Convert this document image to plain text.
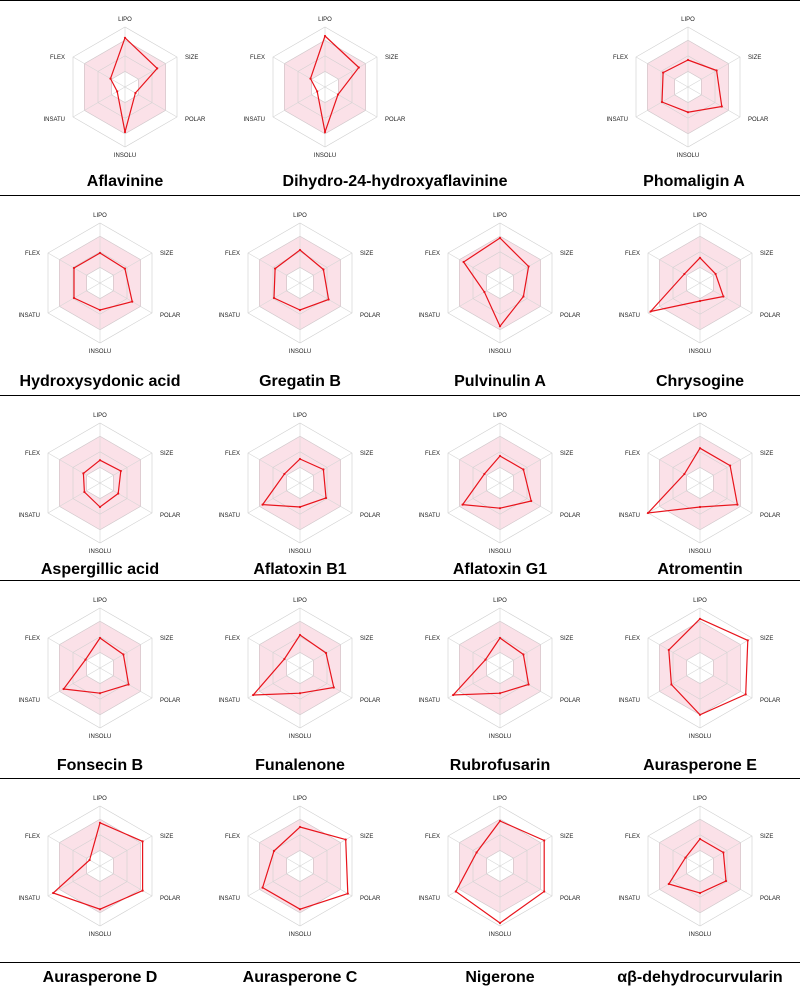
LIPO
SIZE
POLAR
INSOLU
INSATU
FLEX
Aflavinine
LIPO
SIZE
POLAR
INSOLU
INSATU
FLEX
Dihydro-24-hydroxyaflavinine
LIPO
SIZE
POLAR
INSOLU
INSATU
FLEX
Phomaligin A
LIPO
SIZE
POLAR
INSOLU
INSATU
FLEX
Hydroxysydonic acid
LIPO
SIZE
POLAR
INSOLU
INSATU
FLEX
Gregatin B
LIPO
SIZE
POLAR
INSOLU
INSATU
FLEX
Pulvinulin A
LIPO
SIZE
POLAR
INSOLU
INSATU
FLEX
Chrysogine
LIPO
SIZE
POLAR
INSOLU
INSATU
FLEX
Aspergillic acid
LIPO
SIZE
POLAR
INSOLU
INSATU
FLEX
Aflatoxin B1
LIPO
SIZE
POLAR
INSOLU
INSATU
FLEX
Aflatoxin G1
LIPO
SIZE
POLAR
INSOLU
INSATU
FLEX
Atromentin
LIPO
SIZE
POLAR
INSOLU
INSATU
FLEX
Fonsecin B
LIPO
SIZE
POLAR
INSOLU
INSATU
FLEX
Funalenone
LIPO
SIZE
POLAR
INSOLU
INSATU
FLEX
Rubrofusarin
LIPO
SIZE
POLAR
INSOLU
INSATU
FLEX
Aurasperone E
LIPO
SIZE
POLAR
INSOLU
INSATU
FLEX
Aurasperone D
LIPO
SIZE
POLAR
INSOLU
INSATU
FLEX
Aurasperone C
LIPO
SIZE
POLAR
INSOLU
INSATU
FLEX
Nigerone
LIPO
SIZE
POLAR
INSOLU
INSATU
FLEX
αβ-dehydrocurvularin
